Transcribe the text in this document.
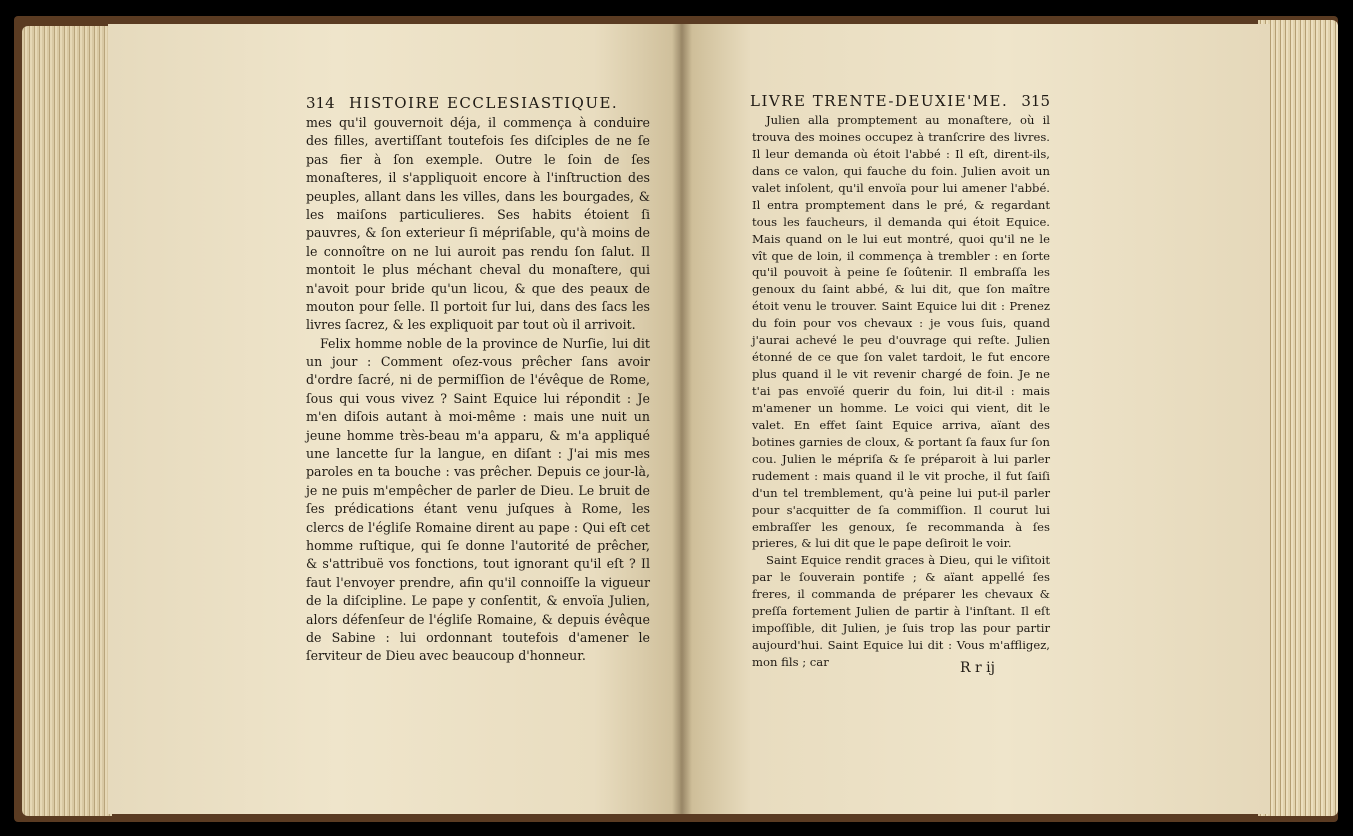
314 HISTOIRE ECCLESIASTIQUE.

mes qu'il gouvernoit déja, il commença à conduire des filles, avertiſſant toutefois ſes diſciples de ne ſe pas fier à ſon exemple. Outre le ſoin de ſes monaſteres, il s'appliquoit encore à l'inſtruction des peuples, allant dans les villes, dans les bourgades, & les maiſons particulieres. Ses habits étoient ſi pauvres, & ſon exterieur ſi mépriſable, qu'à moins de le connoître on ne lui auroit pas rendu ſon ſalut. Il montoit le plus méchant cheval du monaſtere, qui n'avoit pour bride qu'un licou, & que des peaux de mouton pour ſelle. Il portoit ſur lui, dans des ſacs les livres ſacrez, & les expliquoit par tout où il arrivoit.

Felix homme noble de la province de Nurſie, lui dit un jour : Comment oſez-vous prêcher ſans avoir d'ordre ſacré, ni de permiſſion de l'évêque de Rome, ſous qui vous vivez ? Saint Equice lui répondit : Je m'en diſois autant à moi-même : mais une nuit un jeune homme très-beau m'a apparu, & m'a appliqué une lancette ſur la langue, en diſant : J'ai mis mes paroles en ta bouche : vas prêcher. Depuis ce jour-là, je ne puis m'empêcher de parler de Dieu. Le bruit de ſes prédications étant venu juſques à Rome, les clercs de l'égliſe Romaine dirent au pape : Qui eſt cet homme ruſtique, qui ſe donne l'autorité de prêcher, & s'attribuë vos fonctions, tout ignorant qu'il eſt ? Il faut l'envoyer prendre, afin qu'il connoiſſe la vigueur de la diſcipline. Le pape y conſentit, & envoïa Julien, alors défenſeur de l'égliſe Romaine, & depuis évêque de Sabine : lui ordonnant toutefois d'amener le ſerviteur de Dieu avec beaucoup d'honneur.

LIVRE TRENTE-DEUXIE'ME. 315

Julien alla promptement au monaſtere, où il trouva des moines occupez à tranſcrire des livres. Il leur demanda où étoit l'abbé : Il eſt, dirent-ils, dans ce valon, qui fauche du foin. Julien avoit un valet inſolent, qu'il envoïa pour lui amener l'abbé. Il entra promptement dans le pré, & regardant tous les faucheurs, il demanda qui étoit Equice. Mais quand on le lui eut montré, quoi qu'il ne le vît que de loin, il commença à trembler : en ſorte qu'il pouvoit à peine ſe ſoûtenir. Il embraſſa les genoux du ſaint abbé, & lui dit, que ſon maître étoit venu le trouver. Saint Equice lui dit : Prenez du foin pour vos chevaux : je vous ſuis, quand j'aurai achevé le peu d'ouvrage qui reſte. Julien étonné de ce que ſon valet tardoit, le fut encore plus quand il le vit revenir chargé de foin. Je ne t'ai pas envoïé querir du foin, lui dit-il : mais m'amener un homme. Le voici qui vient, dit le valet. En effet ſaint Equice arriva, aïant des botines garnies de cloux, & portant ſa faux ſur ſon cou. Julien le mépriſa & ſe préparoit à lui parler rudement : mais quand il le vit proche, il fut ſaiſi d'un tel tremblement, qu'à peine lui put-il parler pour s'acquitter de ſa commiſſion. Il courut lui embraſſer les genoux, ſe recommanda à ſes prieres, & lui dit que le pape deſiroit le voir.

Saint Equice rendit graces à Dieu, qui le viſitoit par le ſouverain pontife ; & aïant appellé ſes freres, il commanda de préparer les chevaux & preſſa fortement Julien de partir à l'inſtant. Il eſt impoſſible, dit Julien, je ſuis trop las pour partir aujourd'hui. Saint Equice lui dit : Vous m'affligez, mon fils ; car	R r ij
